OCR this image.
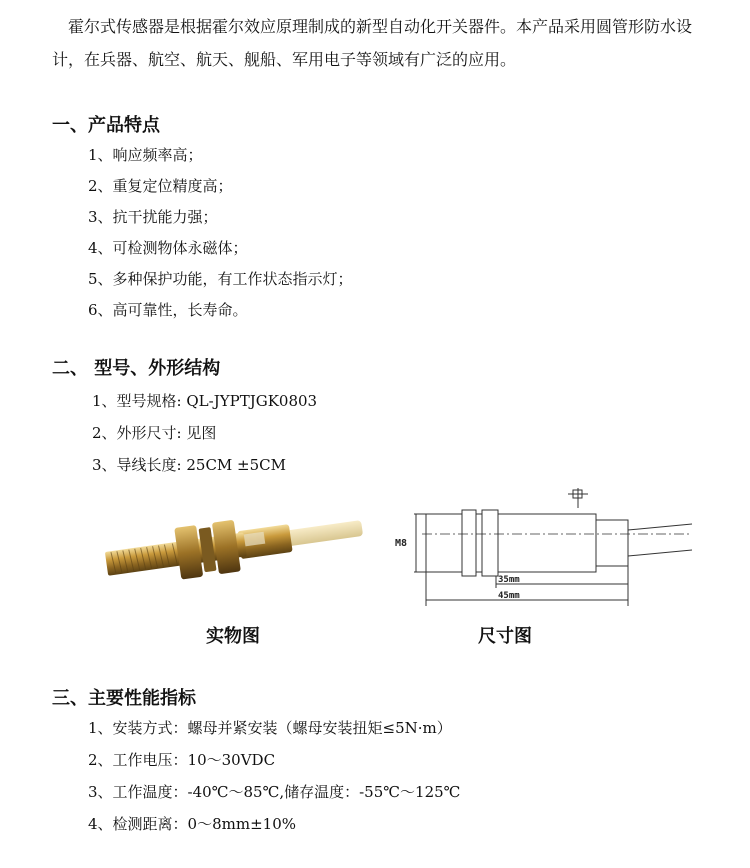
霍尔式传感器是根据霍尔效应原理制成的新型自动化开关器件。本产品采用圆管形防水设计，在兵器、航空、航天、舰船、军用电子等领域有广泛的应用。

一、产品特点
1、响应频率高；
2、重复定位精度高；
3、抗干扰能力强；
4、可检测物体永磁体；
5、多种保护功能，有工作状态指示灯；
6、高可靠性，长寿命。
二、 型号、外形结构
1、型号规格: QL-JYPTJGK0803
2、外形尺寸: 见图
3、导线长度: 25CM ±5CM
M8
35mm
45mm

实物图	尺寸图

三、主要性能指标
1、安装方式：螺母并紧安装（螺母安装扭矩≤5N·m）
2、工作电压：10～30VDC
3、工作温度：-40℃～85℃,储存温度：-55℃～125℃
4、检测距离：0～8mm±10%
